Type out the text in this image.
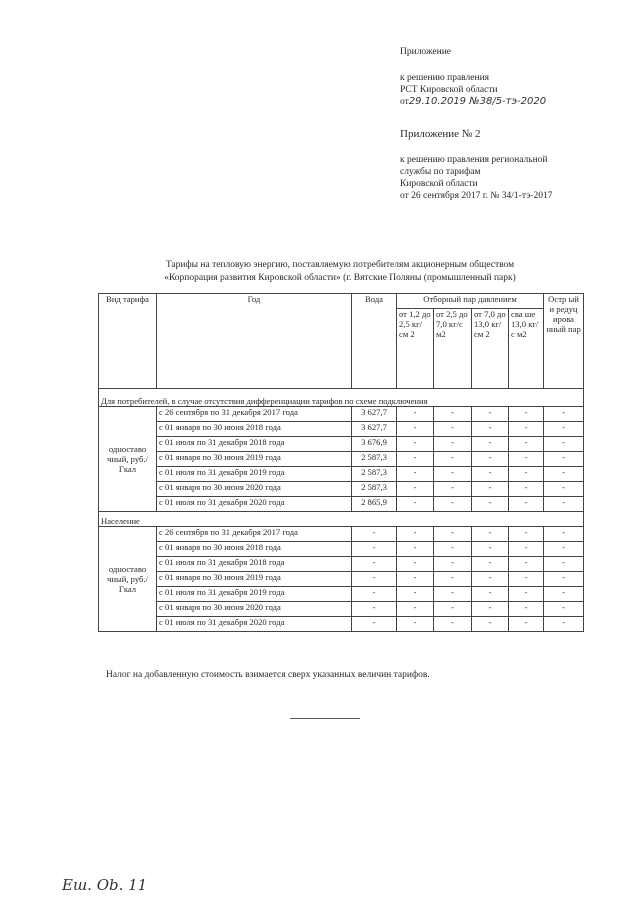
Приложение
к решению правления
РСТ Кировской области
от29.10.2019 №38/5-тэ-2020
Приложение № 2
к решению правления региональной
службы по тарифам
Кировской области
от 26 сентября 2017 г. № 34/1-тэ-2017
Тарифы на тепловую энергию, поставляемую потребителям акционерным обществом
«Корпорация развития Кировской области» (г. Вятские Поляны (промышленный парк)
Вид тарифа	Год	Вода	Отборный пар давлением				Остр ый и редуц ирова нный пар
			от 1,2 до 2,5 кг/см 2	от 2,5 до 7,0 кг/с м2	от 7,0 до 13,0 кг/см 2	сва ше 13,0 кг/с м2	
Для потребителей, в случае отсутствия дифференциации тарифов по схеме подключения							
одноставо чный, руб./Гкал	с 26 сентября по 31 декабря 2017 года	3 627,7	-	-	-	-	-
	с 01 января по 30 июня 2018 года	3 627,7	-	-	-	-	-
	с 01 июля по 31 декабря 2018 года	3 676,9	-	-	-	-	-
	с 01 января по 30 июня 2019 года	2 587,3	-	-	-	-	-
	с 01 июля по 31 декабря 2019 года	2 587,3	-	-	-	-	-
	с 01 января по 30 июня 2020 года	2 587,3	-	-	-	-	-
	с 01 июля по 31 декабря 2020 года	2 865,9	-	-	-	-	-
Население							
одноставо чный, руб./Гкал	с 26 сентября по 31 декабря 2017 года	-	-	-	-	-	-
	с 01 января по 30 июня 2018 года	-	-	-	-	-	-
	с 01 июля по 31 декабря 2018 года	-	-	-	-	-	-
	с 01 января по 30 июня 2019 года	-	-	-	-	-	-
	с 01 июля по 31 декабря 2019 года	-	-	-	-	-	-
	с 01 января по 30 июня 2020 года	-	-	-	-	-	-
	с 01 июля по 31 декабря 2020 года	-	-	-	-	-	-
Налог на добавленную стоимость взимается сверх указанных величин тарифов.
Еш. Ob. 11
